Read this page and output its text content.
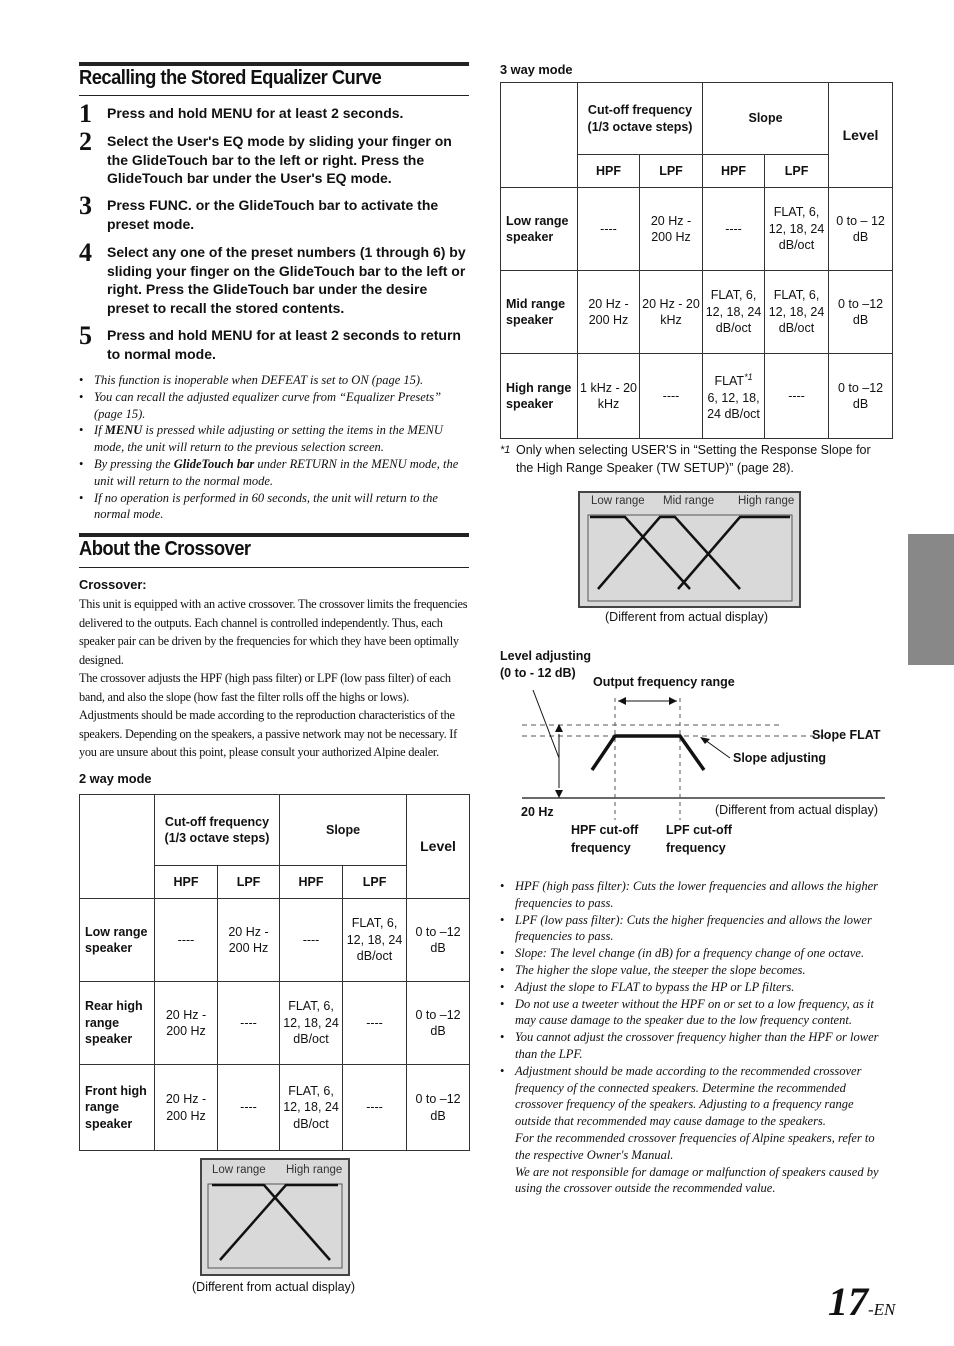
Recalling the Stored Equalizer Curve
1 Press and hold MENU for at least 2 seconds.
2 Select the User's EQ mode by sliding your finger on the GlideTouch bar to the left or right. Press the GlideTouch bar under the User's EQ mode.
3 Press FUNC. or the GlideTouch bar to activate the preset mode.
4 Select any one of the preset numbers (1 through 6) by sliding your finger on the GlideTouch bar to the left or right. Press the GlideTouch bar under the desire preset to recall the stored contents.
5 Press and hold MENU for at least 2 seconds to return to normal mode.
• This function is inoperable when DEFEAT is set to ON (page 15).
• You can recall the adjusted equalizer curve from “Equalizer Presets” (page 15).
• If MENU is pressed while adjusting or setting the items in the MENU mode, the unit will return to the previous selection screen.
• By pressing the GlideTouch bar under RETURN in the MENU mode, the unit will return to the normal mode.
• If no operation is performed in 60 seconds, the unit will return to the normal mode.
About the Crossover
Crossover:
This unit is equipped with an active crossover. The crossover limits the frequencies delivered to the outputs. Each channel is controlled independently. Thus, each speaker pair can be driven by the frequencies for which they have been optimally designed.
The crossover adjusts the HPF (high pass filter) or LPF (low pass filter) of each band, and also the slope (how fast the filter rolls off the highs or lows).
Adjustments should be made according to the reproduction characteristics of the speakers. Depending on the speakers, a passive network may not be necessary. If you are unsure about this point, please consult your authorized Alpine dealer.
2 way mode
	Cut-off frequency (1/3 octave steps)		Slope		Level
	HPF	LPF	HPF	LPF	
Low range speaker	----	20 Hz - 200 Hz	----	FLAT, 6, 12, 18, 24 dB/oct	0 to –12 dB
Rear high range speaker	20 Hz - 200 Hz	----	FLAT, 6, 12, 18, 24 dB/oct	----	0 to –12 dB
Front high range speaker	20 Hz - 200 Hz	----	FLAT, 6, 12, 18, 24 dB/oct	----	0 to –12 dB
Low range High range
(Different from actual display)
3 way mode
	Cut-off frequency (1/3 octave steps)		Slope		Level
	HPF	LPF	HPF	LPF	
Low range speaker	----	20 Hz - 200 Hz	----	FLAT, 6, 12, 18, 24 dB/oct	0 to – 12 dB
Mid range speaker	20 Hz - 200 Hz	20 Hz - 20 kHz	FLAT, 6, 12, 18, 24 dB/oct	FLAT, 6, 12, 18, 24 dB/oct	0 to –12 dB
High range speaker	1 kHz - 20 kHz	----	FLAT$^{*1}$
6, 12, 18, 24 dB/oct	----	0 to –12 dB
*1 Only when selecting USER'S in “Setting the Response Slope for the High Range Speaker (TW SETUP)” (page 28).
Low range Mid range High range
(Different from actual display)
Level adjusting
(0 to - 12 dB)
Output frequency range
Slope FLAT
Slope adjusting
20 Hz	(Different from actual display)
HPF cut-off frequency
LPF cut-off frequency
• HPF (high pass filter): Cuts the lower frequencies and allows the higher frequencies to pass.
• LPF (low pass filter): Cuts the higher frequencies and allows the lower frequencies to pass.
• Slope: The level change (in dB) for a frequency change of one octave.
• The higher the slope value, the steeper the slope becomes.
• Adjust the slope to FLAT to bypass the HP or LP filters.
• Do not use a tweeter without the HPF on or set to a low frequency, as it may cause damage to the speaker due to the low frequency content.
• You cannot adjust the crossover frequency higher than the HPF or lower than the LPF.
• Adjustment should be made according to the recommended crossover frequency of the connected speakers. Determine the recommended crossover frequency of the speakers. Adjusting to a frequency range outside that recommended may cause damage to the speakers.
For the recommended crossover frequencies of Alpine speakers, refer to the respective Owner's Manual.
We are not responsible for damage or malfunction of speakers caused by using the crossover outside the recommended value.
17-EN
